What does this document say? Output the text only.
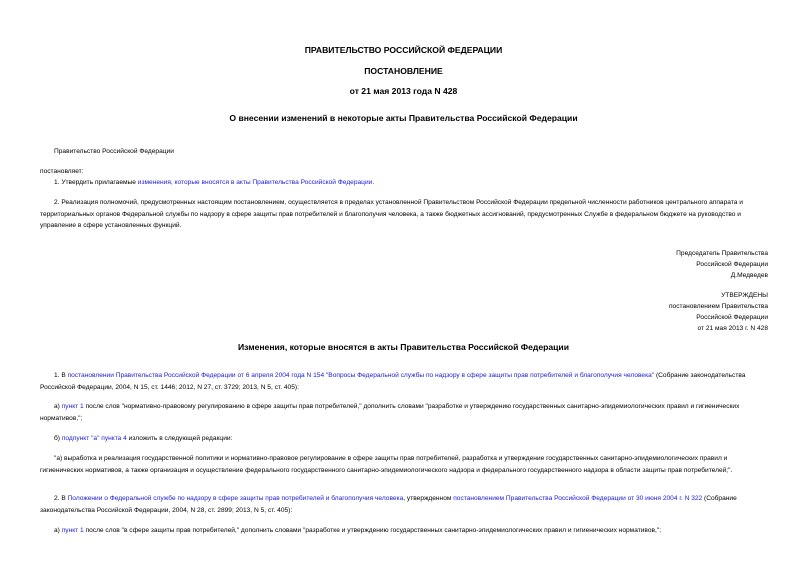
ПРАВИТЕЛЬСТВО РОССИЙСКОЙ ФЕДЕРАЦИИ
ПОСТАНОВЛЕНИЕ
от 21 мая 2013 года N 428
О внесении изменений в некоторые акты Правительства Российской Федерации
Правительство Российской Федерации
постановляет:
1. Утвердить прилагаемые изменения, которые вносятся в акты Правительства Российской Федерации.
2. Реализация полномочий, предусмотренных настоящим постановлением, осуществляется в пределах установленной Правительством Российской Федерации предельной численности работников центрального аппарата и территориальных органов Федеральной службы по надзору в сфере защиты прав потребителей и благополучия человека, а также бюджетных ассигнований, предусмотренных Службе в федеральном бюджете на руководство и управление в сфере установленных функций.
Председатель Правительства
Российской Федерации
Д.Медведев
УТВЕРЖДЕНЫ
постановлением Правительства
Российской Федерации
от 21 мая 2013 г. N 428
Изменения, которые вносятся в акты Правительства Российской Федерации
1. В постановлении Правительства Российской Федерации от 6 апреля 2004 года N 154 "Вопросы Федеральной службы по надзору в сфере защиты прав потребителей и благополучия человека" (Собрание законодательства Российской Федерации, 2004, N 15, ст. 1446; 2012, N 27, ст. 3729; 2013, N 5, ст. 405):
а) пункт 1 после слов "нормативно-правовому регулированию в сфере защиты прав потребителей," дополнить словами "разработке и утверждению государственных санитарно-эпидемиологических правил и гигиенических нормативов,";
б) подпункт "а" пункта 4 изложить в следующей редакции:
"а) выработка и реализация государственной политики и нормативно-правовое регулирование в сфере защиты прав потребителей, разработка и утверждение государственных санитарно-эпидемиологических правил и гигиенических нормативов, а также организация и осуществление федерального государственного санитарно-эпидемиологического надзора и федерального государственного надзора в области защиты прав потребителей;".
2. В Положении о Федеральной службе по надзору в сфере защиты прав потребителей и благополучия человека, утвержденном постановлением Правительства Российской Федерации от 30 июня 2004 г. N 322 (Собрание законодательства Российской Федерации, 2004, N 28, ст. 2899; 2013, N 5, ст. 405):
а) пункт 1 после слов "в сфере защиты прав потребителей," дополнить словами "разработке и утверждению государственных санитарно-эпидемиологических правил и гигиенических нормативов,";
